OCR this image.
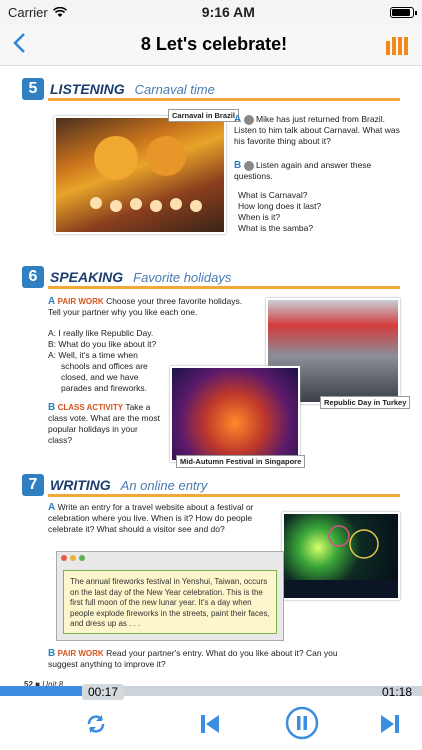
Carrier	9:16 AM
8 Let's celebrate!
5 LISTENING Carnaval time
Carnaval in Brazil A Mike has just returned from Brazil. Listen to him talk about Carnaval. What was his favorite thing about it?
B Listen again and answer these questions.
What is Carnaval?
How long does it last?
When is it?
What is the samba?
6 SPEAKING Favorite holidays
A PAIR WORK Choose your three favorite holidays. Tell your partner why you like each one.
A: I really like Republic Day.
B: What do you like about it?
A: Well, it's a time when
schools and offices are
closed, and we have
parades and fireworks.
B CLASS ACTIVITY Take a class vote. What are the most popular holidays in your class?
Republic Day in Turkey
Mid-Autumn Festival in Singapore
7 WRITING An online entry
A Write an entry for a travel website about a festival or celebration where you live. When is it? How do people celebrate it? What should a visitor see and do?
The annual fireworks festival in Yenshui, Taiwan, occurs on the last day of the New Year celebration. This is the first full moon of the new lunar year. It's a day when people explode fireworks in the streets, paint their faces, and dress up as . . .
B PAIR WORK Read your partner's entry. What do you like about it? Can you suggest anything to improve it?
52 ■ Unit 8
00:17	01:18
